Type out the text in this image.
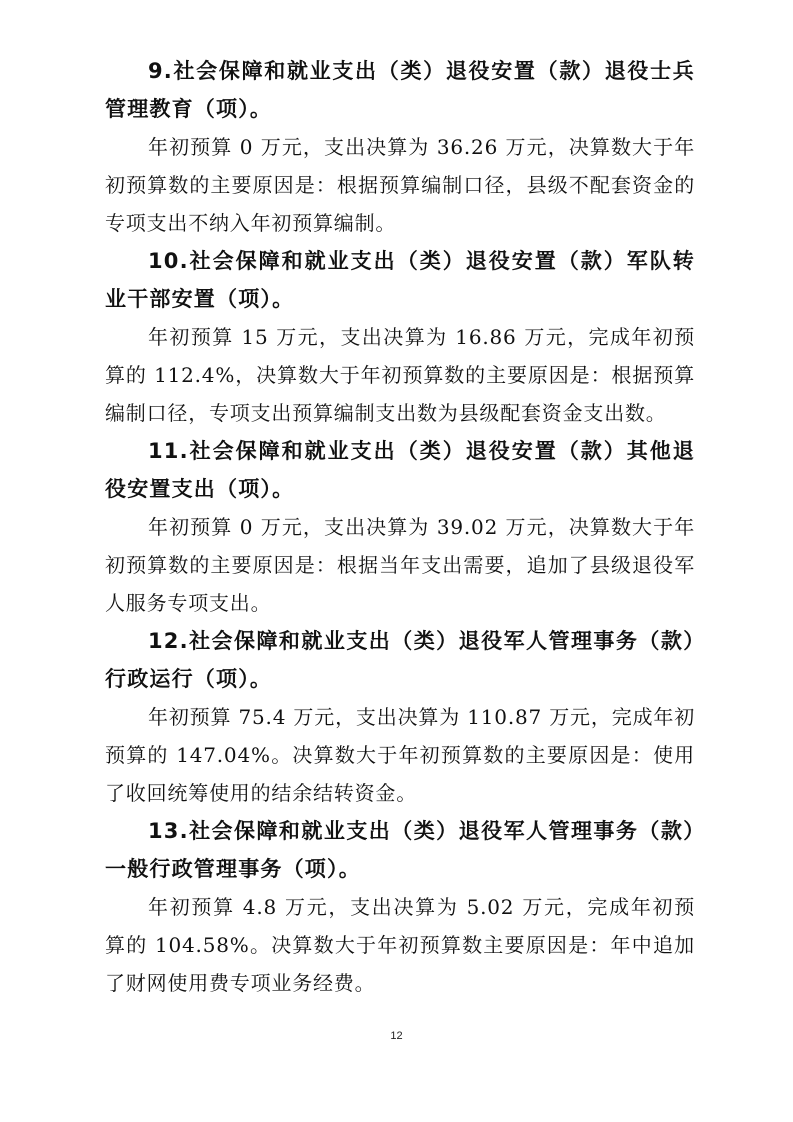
9.社会保障和就业支出（类）退役安置（款）退役士兵管理教育（项）。

年初预算 0 万元，支出决算为 36.26 万元，决算数大于年初预算数的主要原因是：根据预算编制口径，县级不配套资金的专项支出不纳入年初预算编制。

10.社会保障和就业支出（类）退役安置（款）军队转业干部安置（项）。

年初预算 15 万元，支出决算为 16.86 万元，完成年初预算的 112.4%，决算数大于年初预算数的主要原因是：根据预算编制口径，专项支出预算编制支出数为县级配套资金支出数。

11.社会保障和就业支出（类）退役安置（款）其他退役安置支出（项）。

年初预算 0 万元，支出决算为 39.02 万元，决算数大于年初预算数的主要原因是：根据当年支出需要，追加了县级退役军人服务专项支出。

12.社会保障和就业支出（类）退役军人管理事务（款）行政运行（项）。

年初预算 75.4 万元，支出决算为 110.87 万元，完成年初预算的 147.04%。决算数大于年初预算数的主要原因是：使用了收回统筹使用的结余结转资金。

13.社会保障和就业支出（类）退役军人管理事务（款）一般行政管理事务（项）。

年初预算 4.8 万元，支出决算为 5.02 万元，完成年初预算的 104.58%。决算数大于年初预算数主要原因是：年中追加了财网使用费专项业务经费。

12
